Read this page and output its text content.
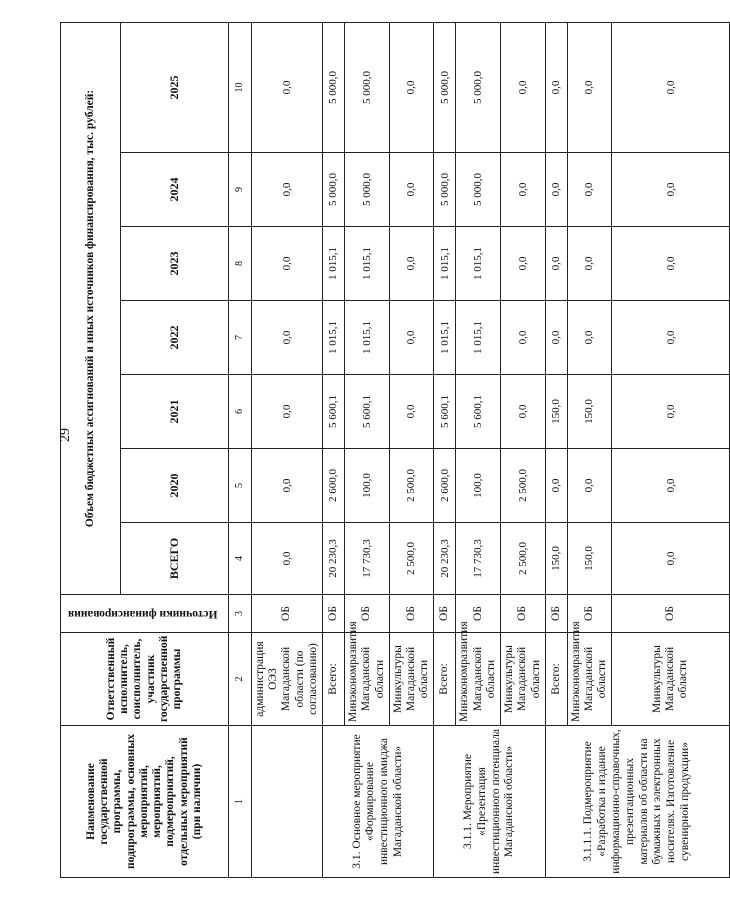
29
Наименование государственной программы, подпрограммы, основных мероприятий, мероприятий, подмероприятий, отдельных мероприятий (при наличии)	Ответственный исполнитель, соисполнитель, участник государственной программы	Источники финансирования	Объем бюджетных ассигнований и иных источников финансирования, тыс. рублей:						
			ВСЕГО	2020	2021	2022	2023	2024	2025
1	2	3	4	5	6	7	8	9	10
	администрация ОЭЗ Магаданской области (по согласованию)	ОБ	0,0	0,0	0,0	0,0	0,0	0,0	0,0
3.1. Основное мероприятие «Формирование инвестиционного имиджа Магаданской области»	Всего:	ОБ	20 230,3	2 600,0	5 600,1	1 015,1	1 015,1	5 000,0	5 000,0
	Минэкономразвития Магаданской области	ОБ	17 730,3	100,0	5 600,1	1 015,1	1 015,1	5 000,0	5 000,0
	Минкультуры Магаданской области	ОБ	2 500,0	2 500,0	0,0	0,0	0,0	0,0	0,0
3.1.1. Мероприятие «Презентация инвестиционного потенциала Магаданской области»	Всего:	ОБ	20 230,3	2 600,0	5 600,1	1 015,1	1 015,1	5 000,0	5 000,0
	Минэкономразвития Магаданской области	ОБ	17 730,3	100,0	5 600,1	1 015,1	1 015,1	5 000,0	5 000,0
	Минкультуры Магаданской области	ОБ	2 500,0	2 500,0	0,0	0,0	0,0	0,0	0,0
3.1.1.1. Подмероприятие «Разработка и издание информационно-справочных, презентационных материалов об области на бумажных и электронных носителях. Изготовление сувенирной продукции»	Всего:	ОБ	150,0	0,0	150,0	0,0	0,0	0,0	0,0
	Минэкономразвития Магаданской области	ОБ	150,0	0,0	150,0	0,0	0,0	0,0	0,0
	Минкультуры Магаданской области	ОБ	0,0	0,0	0,0	0,0	0,0	0,0	0,0
